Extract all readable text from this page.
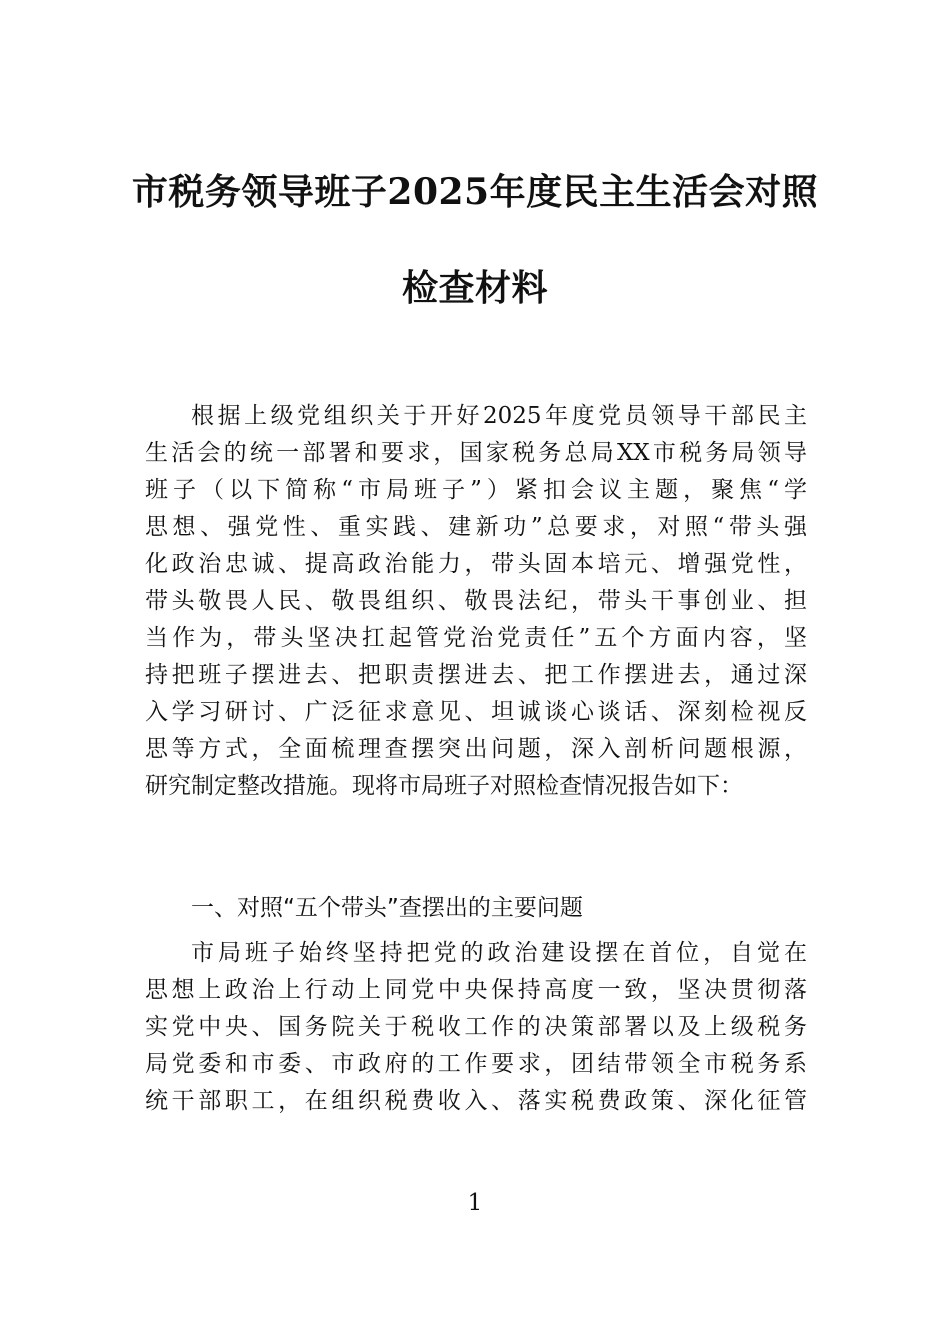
市税务领导班子2025年度民主生活会对照
检查材料
根据上级党组织关于开好2025年度党员领导干部民主
生活会的统一部署和要求，国家税务总局XX市税务局领导
班子（以下简称“市局班子”）紧扣会议主题，聚焦“学
思想、强党性、重实践、建新功”总要求，对照“带头强
化政治忠诚、提高政治能力，带头固本培元、增强党性，
带头敬畏人民、敬畏组织、敬畏法纪，带头干事创业、担
当作为，带头坚决扛起管党治党责任”五个方面内容，坚
持把班子摆进去、把职责摆进去、把工作摆进去，通过深
入学习研讨、广泛征求意见、坦诚谈心谈话、深刻检视反
思等方式，全面梳理查摆突出问题，深入剖析问题根源，
研究制定整改措施。现将市局班子对照检查情况报告如下：
一、对照“五个带头”查摆出的主要问题
市局班子始终坚持把党的政治建设摆在首位，自觉在
思想上政治上行动上同党中央保持高度一致，坚决贯彻落
实党中央、国务院关于税收工作的决策部署以及上级税务
局党委和市委、市政府的工作要求，团结带领全市税务系
统干部职工，在组织税费收入、落实税费政策、深化征管
1
